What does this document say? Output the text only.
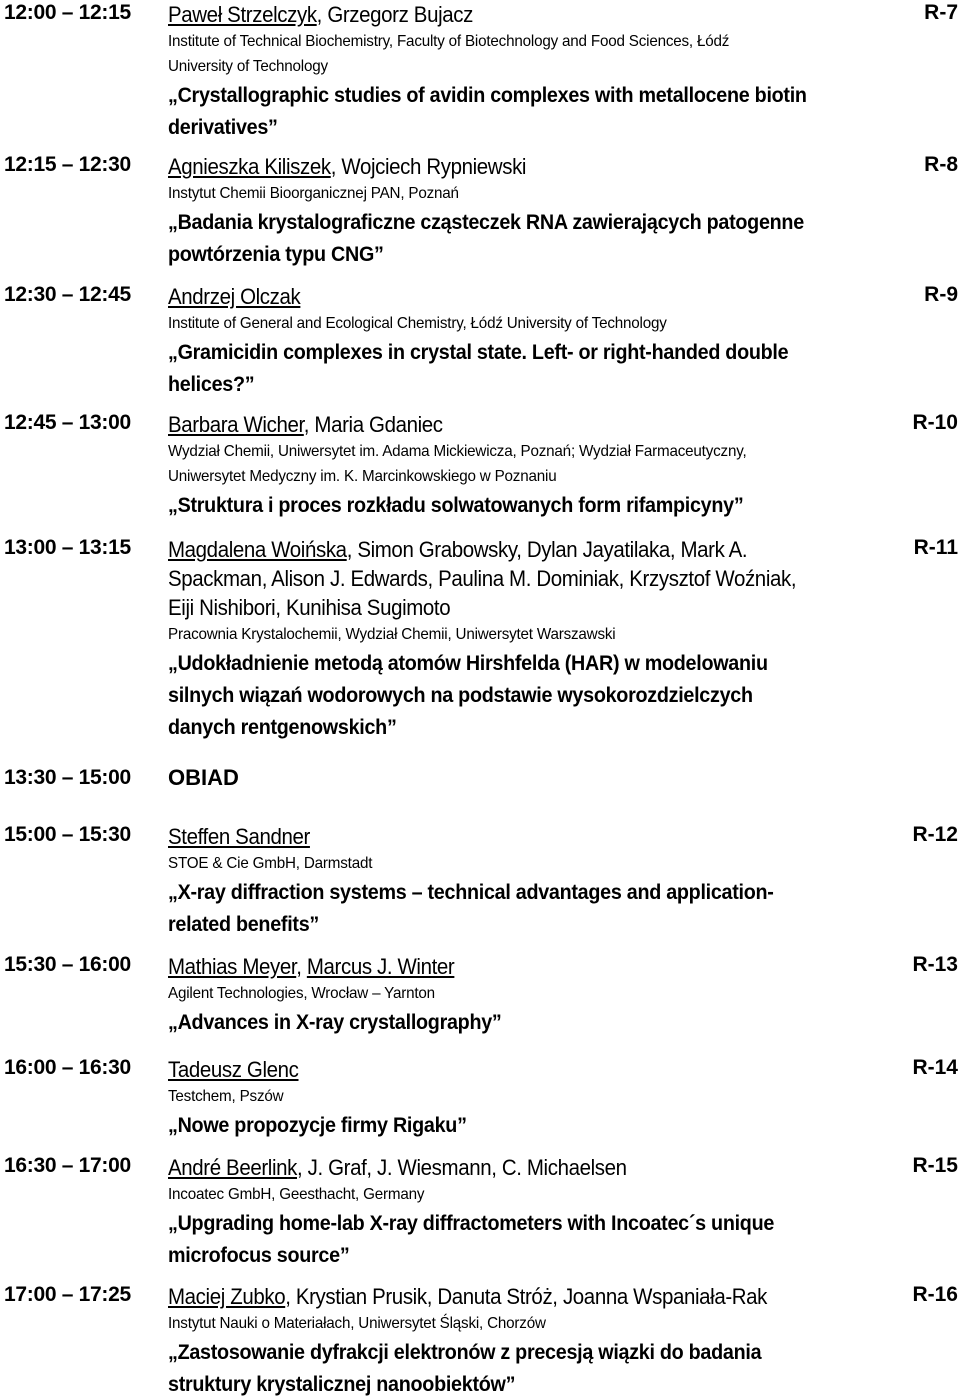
12:00 – 12:15	R-7
Paweł Strzelczyk, Grzegorz Bujacz
Institute of Technical Biochemistry, Faculty of Biotechnology and Food Sciences, Łódź
University of Technology
„Crystallographic studies of avidin complexes with metallocene biotin
derivatives”
12:15 – 12:30	R-8
Agnieszka Kiliszek, Wojciech Rypniewski
Instytut Chemii Bioorganicznej PAN, Poznań
„Badania krystalograficzne cząsteczek RNA zawierających patogenne
powtórzenia typu CNG”
12:30 – 12:45	R-9
Andrzej Olczak
Institute of General and Ecological Chemistry, Łódź University of Technology
„Gramicidin complexes in crystal state. Left- or right-handed double
helices?”
12:45 – 13:00	R-10
Barbara Wicher, Maria Gdaniec
Wydział Chemii, Uniwersytet im. Adama Mickiewicza, Poznań; Wydział Farmaceutyczny,
Uniwersytet Medyczny im. K. Marcinkowskiego w Poznaniu
„Struktura i proces rozkładu solwatowanych form rifampicyny”
13:00 – 13:15	R-11
Magdalena Woińska, Simon Grabowsky, Dylan Jayatilaka, Mark A.
Spackman, Alison J. Edwards, Paulina M. Dominiak, Krzysztof Woźniak,
Eiji Nishibori, Kunihisa Sugimoto
Pracownia Krystalochemii, Wydział Chemii, Uniwersytet Warszawski
„Udokładnienie metodą atomów Hirshfelda (HAR) w modelowaniu
silnych wiązań wodorowych na podstawie wysokorozdzielczych
danych rentgenowskich”
13:30 – 15:00 OBIAD
15:00 – 15:30	R-12
Steffen Sandner
STOE & Cie GmbH, Darmstadt
„X-ray diffraction systems – technical advantages and application-
related benefits”
15:30 – 16:00	R-13
Mathias Meyer, Marcus J. Winter
Agilent Technologies, Wrocław – Yarnton
„Advances in X-ray crystallography”
16:00 – 16:30	R-14
Tadeusz Glenc
Testchem, Pszów
„Nowe propozycje firmy Rigaku”
16:30 – 17:00	R-15
André Beerlink, J. Graf, J. Wiesmann, C. Michaelsen
Incoatec GmbH, Geesthacht, Germany
„Upgrading home-lab X-ray diffractometers with Incoatec´s unique
microfocus source”
17:00 – 17:25	R-16
Maciej Zubko, Krystian Prusik, Danuta Stróż, Joanna Wspaniała-Rak
Instytut Nauki o Materiałach, Uniwersytet Śląski, Chorzów
„Zastosowanie dyfrakcji elektronów z precesją wiązki do badania
struktury krystalicznej nanoobiektów”
